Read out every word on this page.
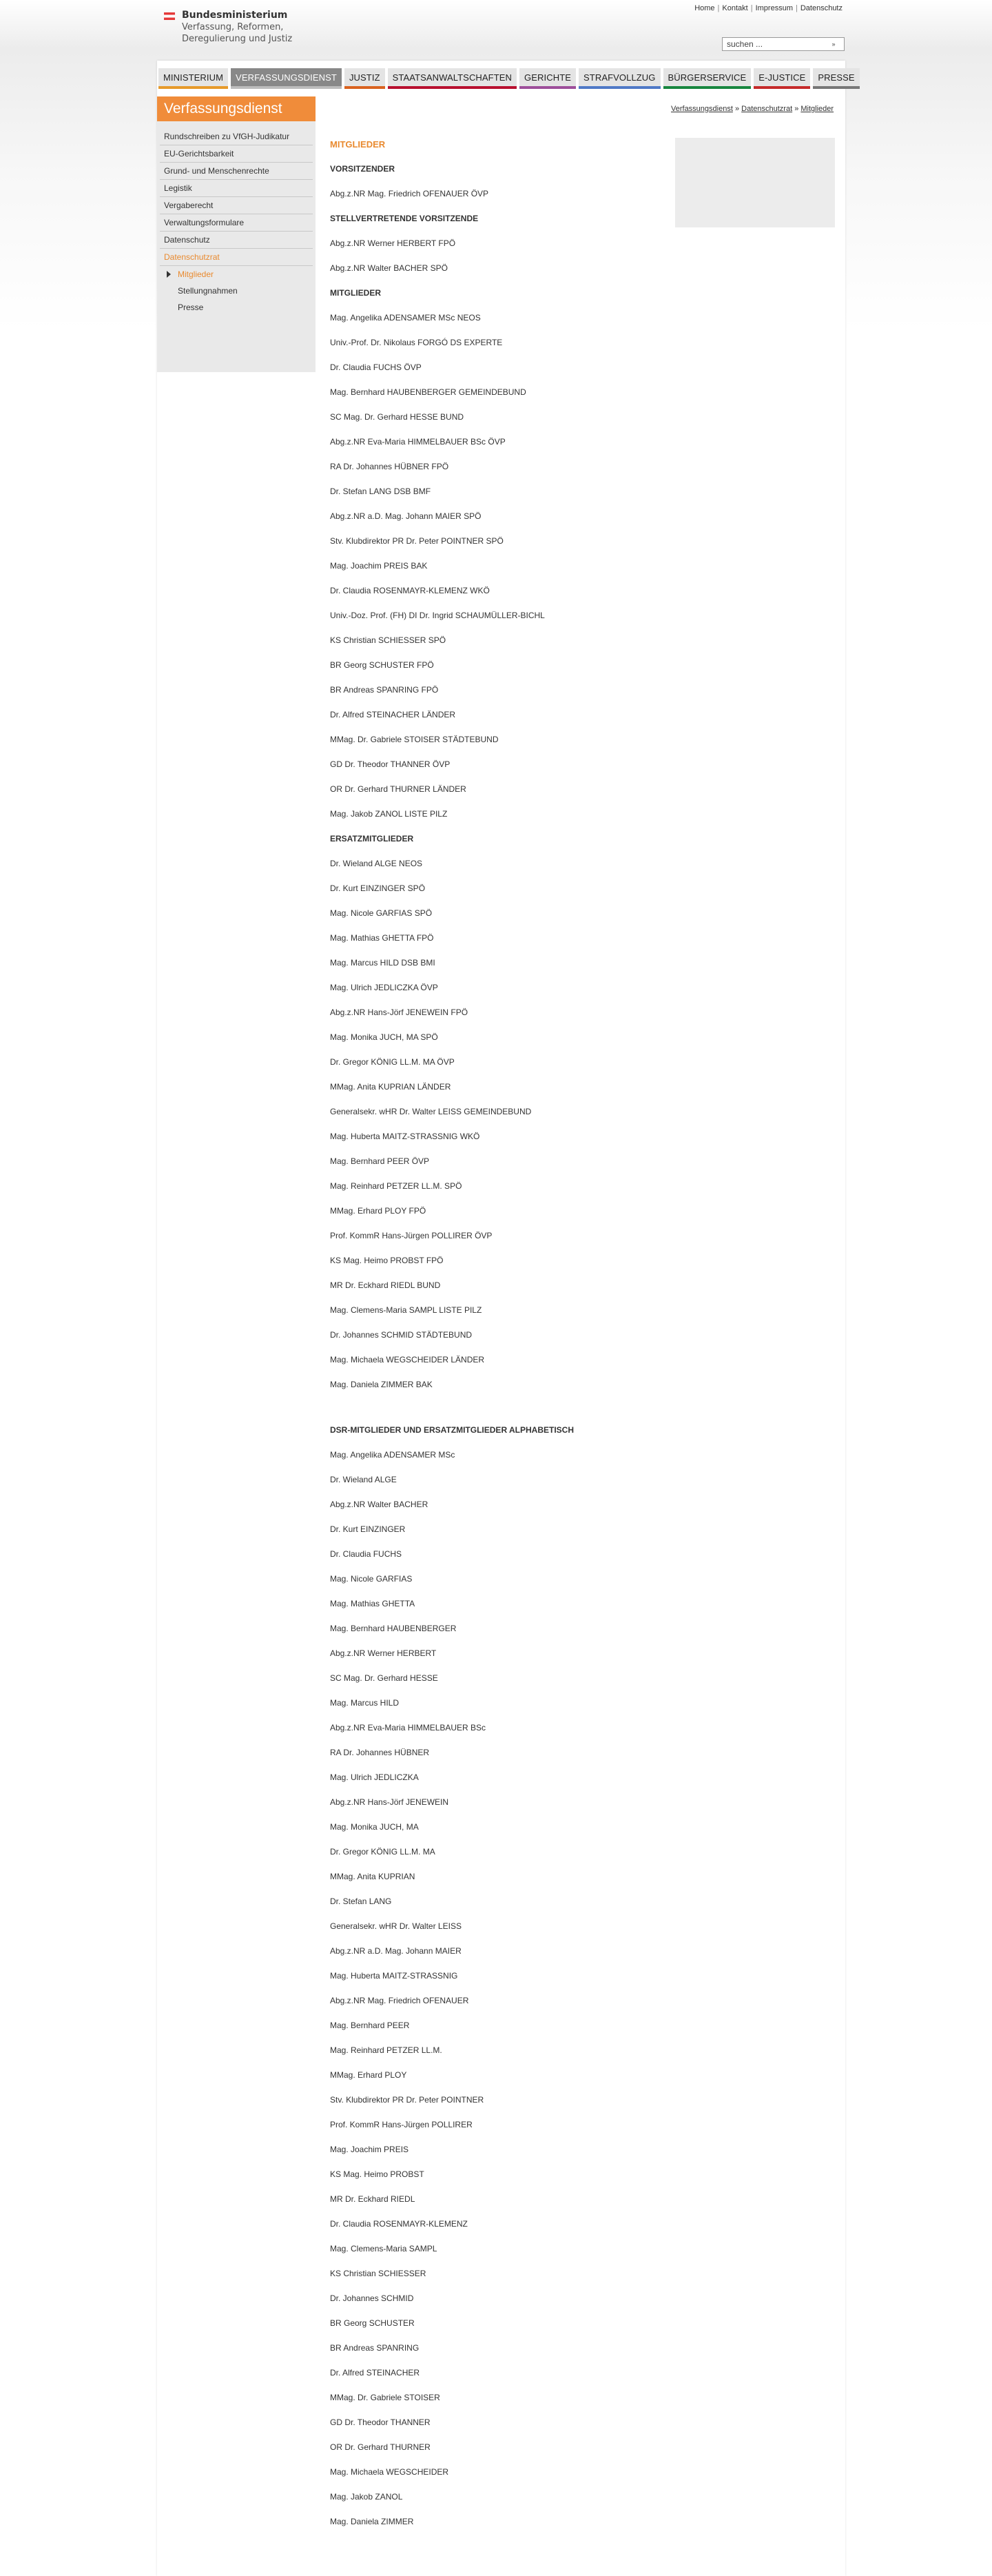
Bundesministerium
Verfassung, Reformen,
Deregulierung und Justiz
Home | Kontakt | Impressum | Datenschutz
suchen ...
»
MINISTERIUM	VERFASSUNGSDIENST	JUSTIZ	STAATSANWALTSCHAFTEN	GERICHTE	STRAFVOLLZUG	BÜRGERSERVICE	E-JUSTICE	PRESSE
Verfassungsdienst
Rundschreiben zu VfGH-Judikatur
EU-Gerichtsbarkeit
Grund- und Menschenrechte
Legistik
Vergaberecht
Verwaltungsformulare
Datenschutz
Datenschutzrat
Mitglieder
Stellungnahmen
Presse
Verfassungsdienst » Datenschutzrat » Mitglieder
MITGLIEDER
VORSITZENDER
Abg.z.NR Mag. Friedrich OFENAUER ÖVP
STELLVERTRETENDE VORSITZENDE
Abg.z.NR Werner HERBERT FPÖ
Abg.z.NR Walter BACHER SPÖ
MITGLIEDER
Mag. Angelika ADENSAMER MSc NEOS
Univ.-Prof. Dr. Nikolaus FORGÓ DS EXPERTE
Dr. Claudia FUCHS ÖVP
Mag. Bernhard HAUBENBERGER GEMEINDEBUND
SC Mag. Dr. Gerhard HESSE BUND
Abg.z.NR Eva-Maria HIMMELBAUER BSc ÖVP
RA Dr. Johannes HÜBNER FPÖ
Dr. Stefan LANG DSB BMF
Abg.z.NR a.D. Mag. Johann MAIER SPÖ
Stv. Klubdirektor PR Dr. Peter POINTNER SPÖ
Mag. Joachim PREIS BAK
Dr. Claudia ROSENMAYR-KLEMENZ WKÖ
Univ.-Doz. Prof. (FH) DI Dr. Ingrid SCHAUMÜLLER-BICHL
KS Christian SCHIESSER SPÖ
BR Georg SCHUSTER FPÖ
BR Andreas SPANRING FPÖ
Dr. Alfred STEINACHER LÄNDER
MMag. Dr. Gabriele STOISER STÄDTEBUND
GD Dr. Theodor THANNER ÖVP
OR Dr. Gerhard THURNER LÄNDER
Mag. Jakob ZANOL LISTE PILZ
ERSATZMITGLIEDER
Dr. Wieland ALGE NEOS
Dr. Kurt EINZINGER SPÖ
Mag. Nicole GARFIAS SPÖ
Mag. Mathias GHETTA FPÖ
Mag. Marcus HILD DSB BMI
Mag. Ulrich JEDLICZKA ÖVP
Abg.z.NR Hans-Jörf JENEWEIN FPÖ
Mag. Monika JUCH, MA SPÖ
Dr. Gregor KÖNIG LL.M. MA ÖVP
MMag. Anita KUPRIAN LÄNDER
Generalsekr. wHR Dr. Walter LEISS GEMEINDEBUND
Mag. Huberta MAITZ-STRASSNIG WKÖ
Mag. Bernhard PEER ÖVP
Mag. Reinhard PETZER LL.M. SPÖ
MMag. Erhard PLOY FPÖ
Prof. KommR Hans-Jürgen POLLIRER ÖVP
KS Mag. Heimo PROBST FPÖ
MR Dr. Eckhard RIEDL BUND
Mag. Clemens-Maria SAMPL LISTE PILZ
Dr. Johannes SCHMID STÄDTEBUND
Mag. Michaela WEGSCHEIDER LÄNDER
Mag. Daniela ZIMMER BAK
DSR-MITGLIEDER UND ERSATZMITGLIEDER ALPHABETISCH
Mag. Angelika ADENSAMER MSc
Dr. Wieland ALGE
Abg.z.NR Walter BACHER
Dr. Kurt EINZINGER
Dr. Claudia FUCHS
Mag. Nicole GARFIAS
Mag. Mathias GHETTA
Mag. Bernhard HAUBENBERGER
Abg.z.NR Werner HERBERT
SC Mag. Dr. Gerhard HESSE
Mag. Marcus HILD
Abg.z.NR Eva-Maria HIMMELBAUER BSc
RA Dr. Johannes HÜBNER
Mag. Ulrich JEDLICZKA
Abg.z.NR Hans-Jörf JENEWEIN
Mag. Monika JUCH, MA
Dr. Gregor KÖNIG LL.M. MA
MMag. Anita KUPRIAN
Dr. Stefan LANG
Generalsekr. wHR Dr. Walter LEISS
Abg.z.NR a.D. Mag. Johann MAIER
Mag. Huberta MAITZ-STRASSNIG
Abg.z.NR Mag. Friedrich OFENAUER
Mag. Bernhard PEER
Mag. Reinhard PETZER LL.M.
MMag. Erhard PLOY
Stv. Klubdirektor PR Dr. Peter POINTNER
Prof. KommR Hans-Jürgen POLLIRER
Mag. Joachim PREIS
KS Mag. Heimo PROBST
MR Dr. Eckhard RIEDL
Dr. Claudia ROSENMAYR-KLEMENZ
Mag. Clemens-Maria SAMPL
KS Christian SCHIESSER
Dr. Johannes SCHMID
BR Georg SCHUSTER
BR Andreas SPANRING
Dr. Alfred STEINACHER
MMag. Dr. Gabriele STOISER
GD Dr. Theodor THANNER
OR Dr. Gerhard THURNER
Mag. Michaela WEGSCHEIDER
Mag. Jakob ZANOL
Mag. Daniela ZIMMER
